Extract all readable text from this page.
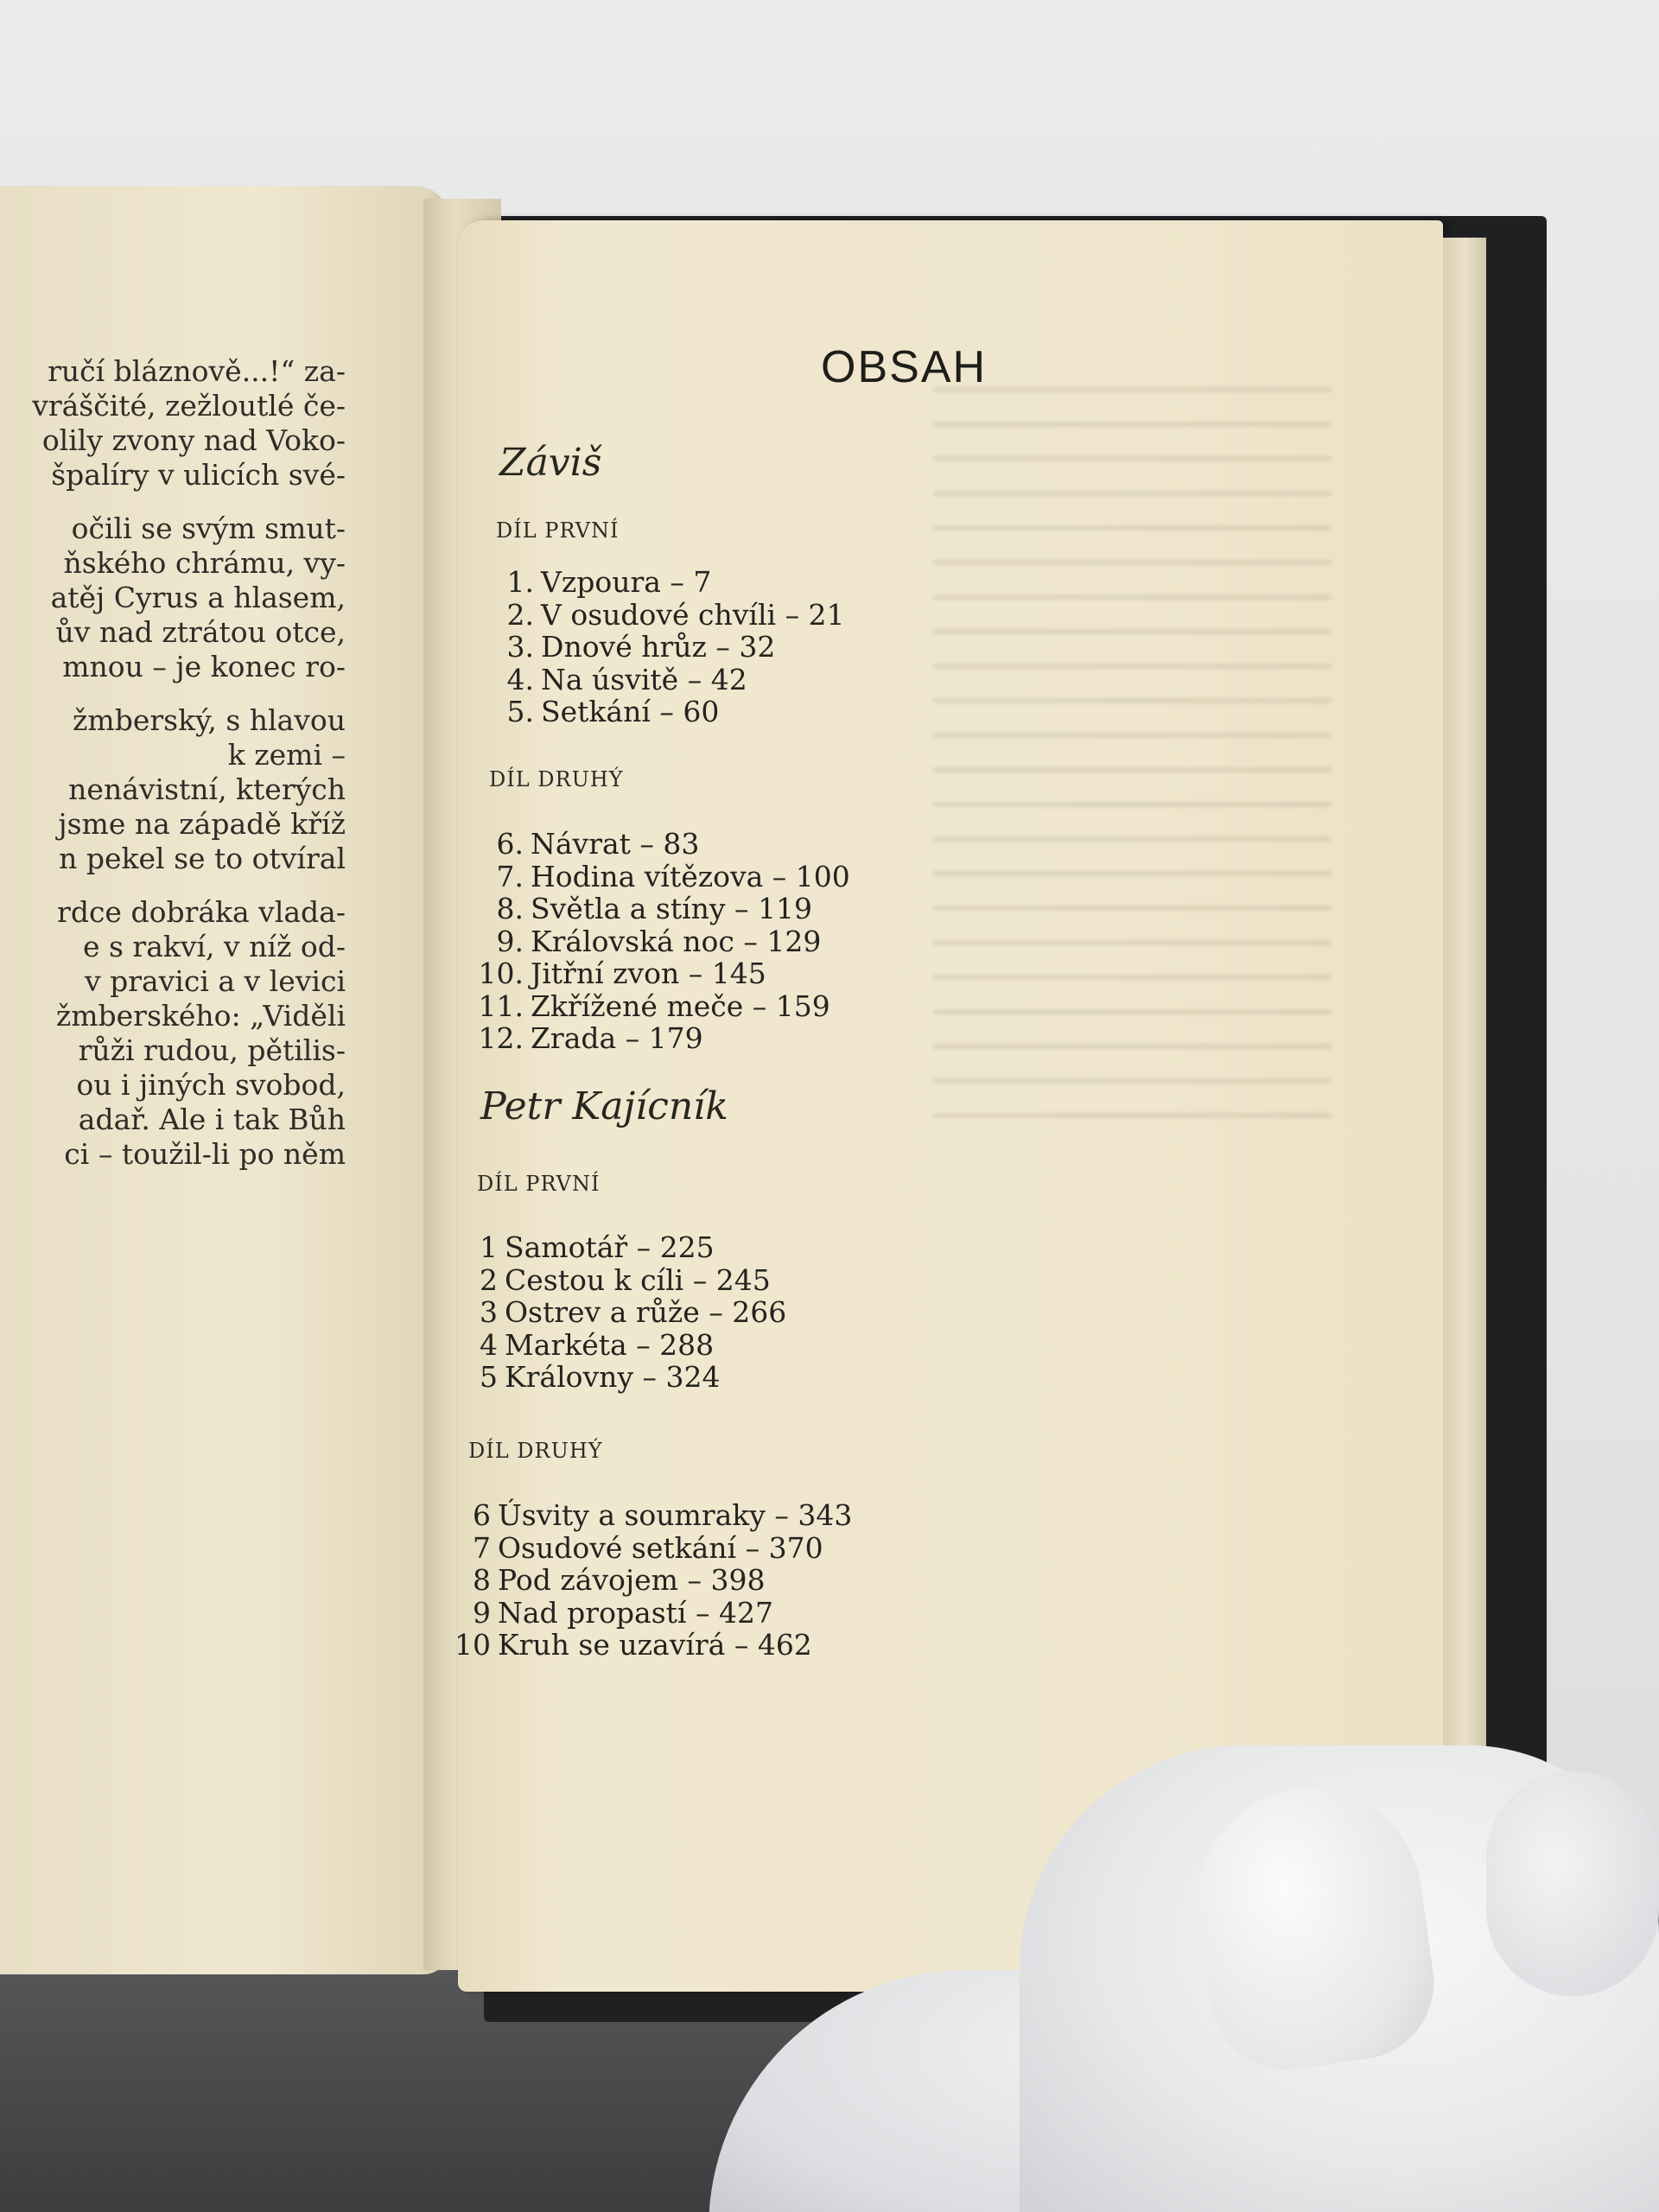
ručí bláznově...!“ za-
vráščité, zežloutlé če-
olily zvony nad Voko-
špalíry v ulicích své-
očili se svým smut-
ňského chrámu, vy-
atěj Cyrus a hlasem,
ův nad ztrátou otce,
mnou – je konec ro-
žmberský, s hlavou
k zemi –
nenávistní, kterých
jsme na západě kříž
n pekel se to otvíral
rdce dobráka vlada-
e s rakví, v níž od-
v pravici a v levici
žmberského: „Viděli
růži rudou, pětilis-
ou i jiných svobod,
adař. Ale i tak Bůh
ci – toužil-li po něm
OBSAH
Záviš
DÍL PRVNÍ
1. Vzpoura – 7
2. V osudové chvíli – 21
3. Dnové hrůz – 32
4. Na úsvitě – 42
5. Setkání – 60
DÍL DRUHÝ
6. Návrat – 83
7. Hodina vítězova – 100
8. Světla a stíny – 119
9. Královská noc – 129
10. Jitřní zvon – 145
11. Zkřížené meče – 159
12. Zrada – 179
Petr Kajícník
DÍL PRVNÍ
1 Samotář – 225
2 Cestou k cíli – 245
3 Ostrev a růže – 266
4 Markéta – 288
5 Královny – 324
DÍL DRUHÝ
6 Úsvity a soumraky – 343
7 Osudové setkání – 370
8 Pod závojem – 398
9 Nad propastí – 427
10 Kruh se uzavírá – 462
